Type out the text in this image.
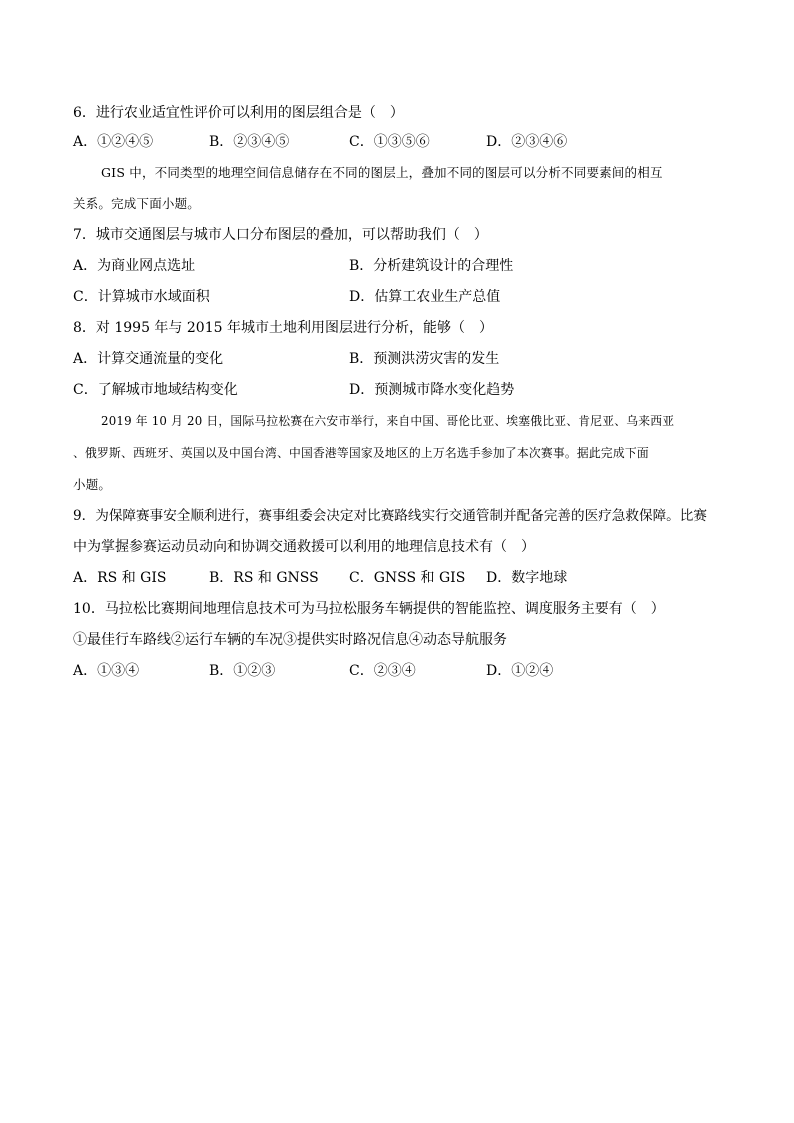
6．进行农业适宜性评价可以利用的图层组合是（　）
A．①②④⑤	B．②③④⑤	C．①③⑤⑥	D．②③④⑥
GIS 中，不同类型的地理空间信息储存在不同的图层上，叠加不同的图层可以分析不同要素间的相互
关系。完成下面小题。
7．城市交通图层与城市人口分布图层的叠加，可以帮助我们（　）
A．为商业网点选址	B．分析建筑设计的合理性
C．计算城市水域面积	D．估算工农业生产总值
8．对 1995 年与 2015 年城市土地利用图层进行分析，能够（　）
A．计算交通流量的变化	B．预测洪涝灾害的发生
C．了解城市地域结构变化	D．预测城市降水变化趋势
2019 年 10 月 20 日，国际马拉松赛在六安市举行，来自中国、哥伦比亚、埃塞俄比亚、肯尼亚、乌来西亚
、俄罗斯、西班牙、英国以及中国台湾、中国香港等国家及地区的上万名选手参加了本次赛事。据此完成下面
小题。
9．为保障赛事安全顺利进行，赛事组委会决定对比赛路线实行交通管制并配备完善的医疗急救保障。比赛
中为掌握参赛运动员动向和协调交通救援可以利用的地理信息技术有（　）
A．RS 和 GIS	B．RS 和 GNSS C．GNSS 和 GIS D．数字地球
10．马拉松比赛期间地理信息技术可为马拉松服务车辆提供的智能监控、调度服务主要有（　）
①最佳行车路线②运行车辆的车况③提供实时路况信息④动态导航服务
A．①③④	B．①②③	C．②③④	D．①②④
